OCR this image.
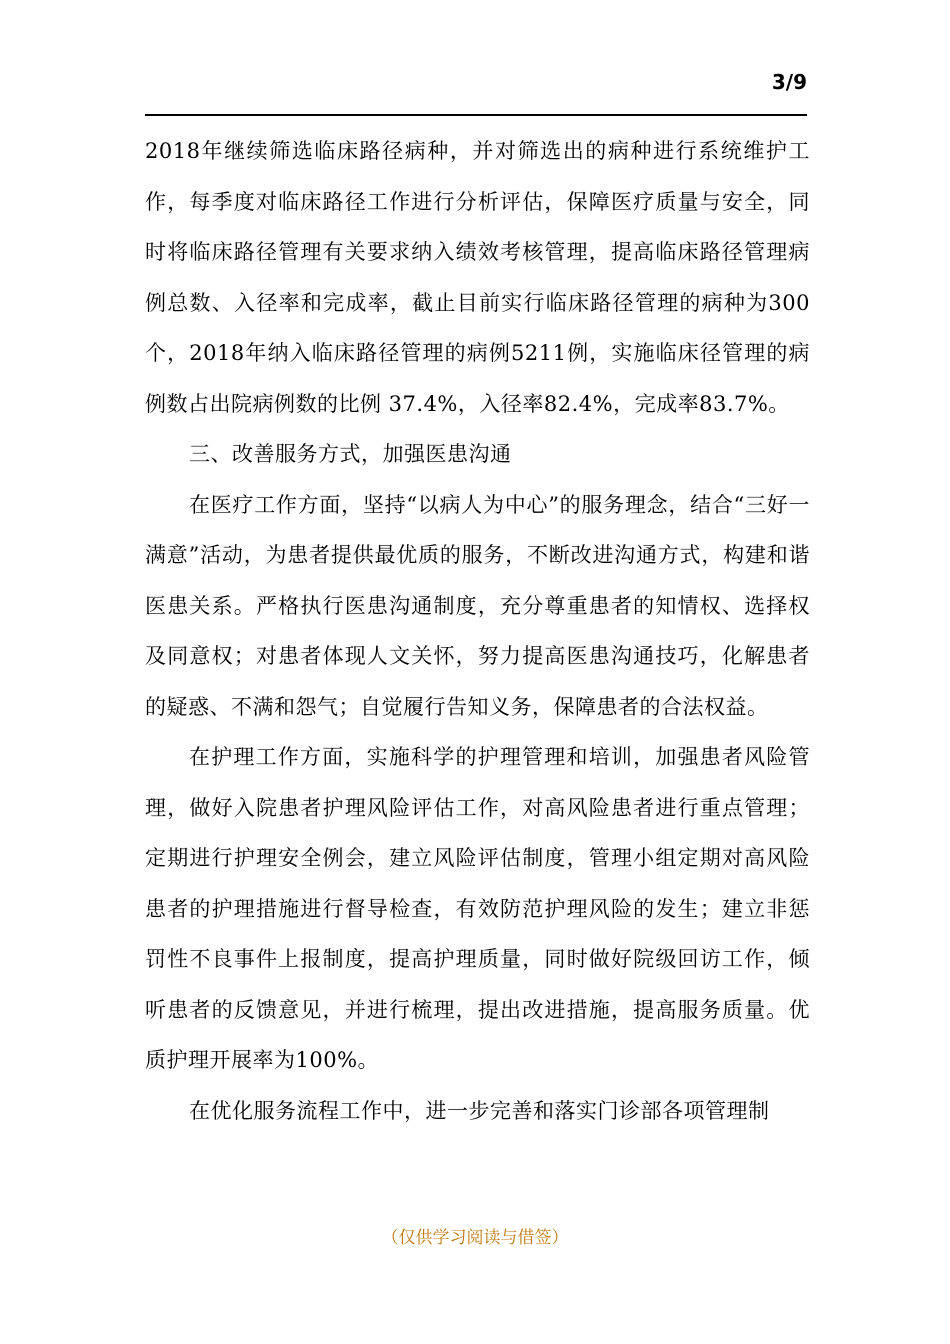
3/9

2018年继续筛选临床路径病种，并对筛选出的病种进行系统维护工作，每季度对临床路径工作进行分析评估，保障医疗质量与安全，同时将临床路径管理有关要求纳入绩效考核管理，提高临床路径管理病例总数、入径率和完成率，截止目前实行临床路径管理的病种为300个，2018年纳入临床路径管理的病例5211例，实施临床径管理的病例数占出院病例数的比例 37.4%，入径率82.4%，完成率83.7%。

三、改善服务方式，加强医患沟通

在医疗工作方面，坚持“以病人为中心”的服务理念，结合“三好一满意”活动，为患者提供最优质的服务，不断改进沟通方式，构建和谐医患关系。严格执行医患沟通制度，充分尊重患者的知情权、选择权及同意权；对患者体现人文关怀，努力提高医患沟通技巧，化解患者的疑惑、不满和怨气；自觉履行告知义务，保障患者的合法权益。

在护理工作方面，实施科学的护理管理和培训，加强患者风险管理，做好入院患者护理风险评估工作，对高风险患者进行重点管理；定期进行护理安全例会，建立风险评估制度，管理小组定期对高风险患者的护理措施进行督导检查，有效防范护理风险的发生；建立非惩罚性不良事件上报制度，提高护理质量，同时做好院级回访工作，倾听患者的反馈意见，并进行梳理，提出改进措施，提高服务质量。优质护理开展率为100%。

在优化服务流程工作中，进一步完善和落实门诊部各项管理制

（仅供学习阅读与借签）
